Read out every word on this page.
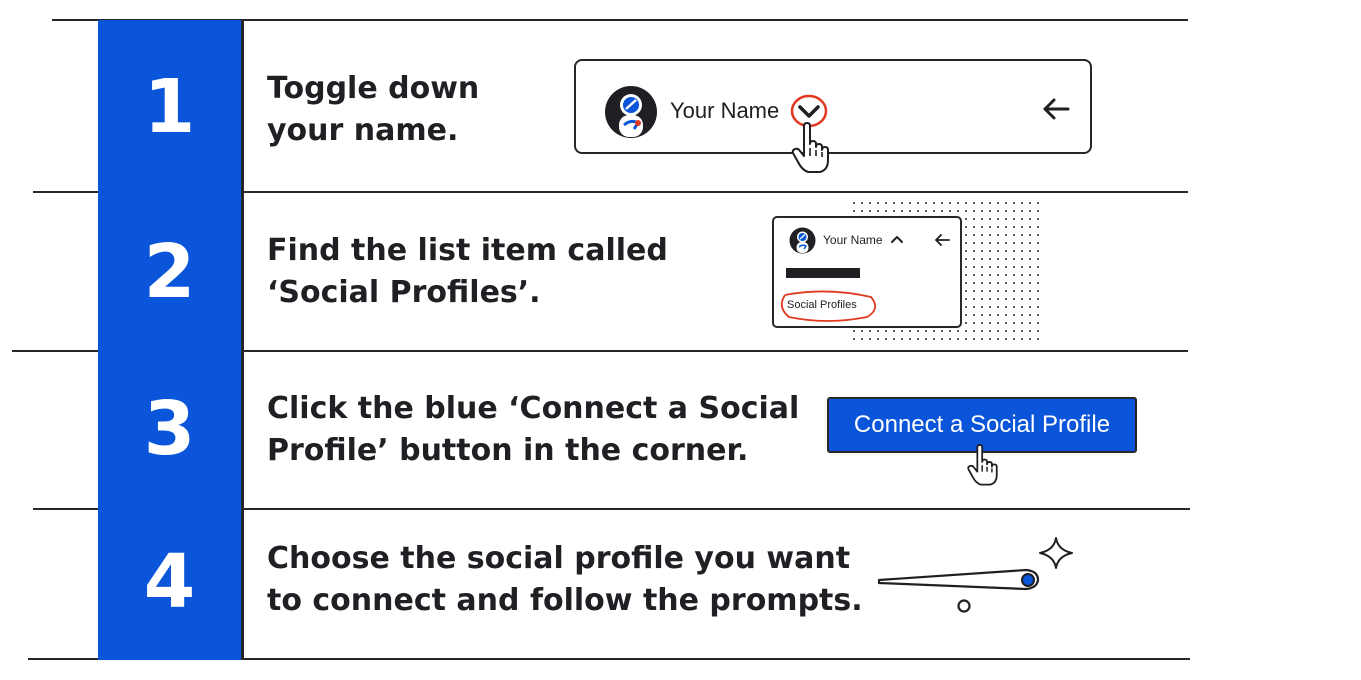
1
2
3
4
Toggle down
your name.
Find the list item called
‘Social Profiles’.
Click the blue ‘Connect a Social
Profile’ button in the corner.
Choose the social profile you want
to connect and follow the prompts.
Your Name
Your Name
Social Profiles
Connect a Social Profile
